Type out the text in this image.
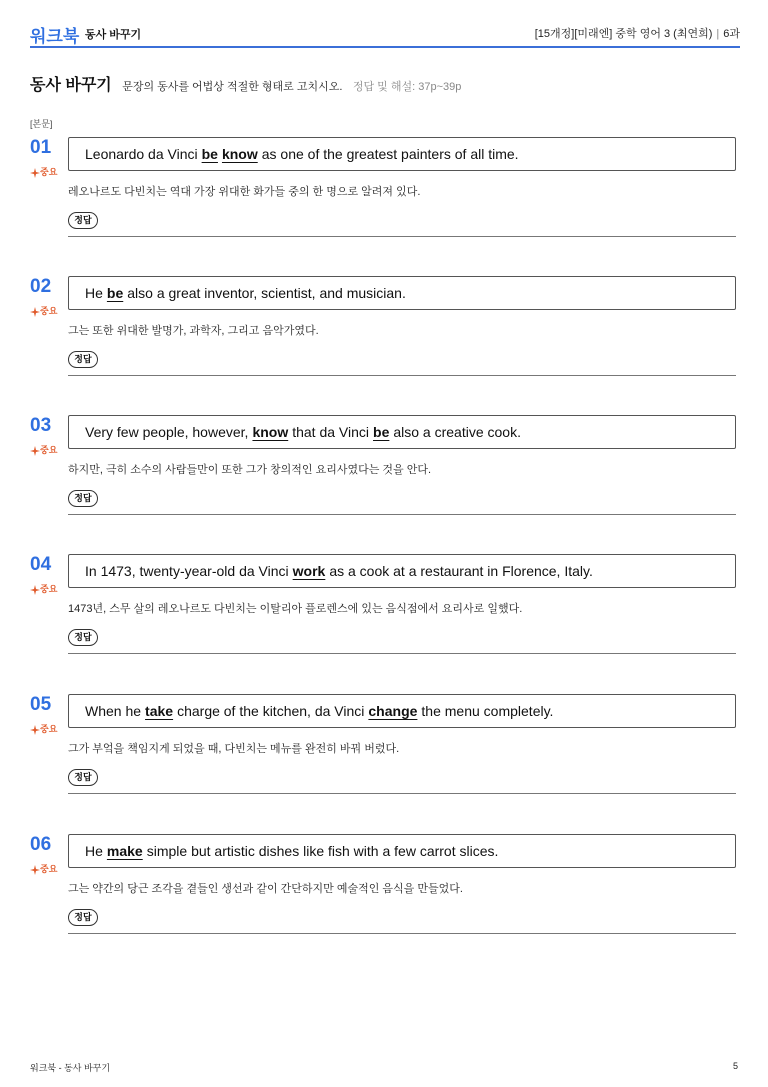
워크북 동사 바꾸기	[15개정][미래엔] 중학 영어 3 (최연희) | 6과
동사 바꾸기 문장의 동사를 어법상 적절한 형태로 고치시오. 정답 및 해설: 37p~39p
[본문]
01
중요
Leonardo da Vinci be know as one of the greatest painters of all time.
레오나르도 다빈치는 역대 가장 위대한 화가들 중의 한 명으로 알려져 있다.
정답
02
중요
He be also a great inventor, scientist, and musician.
그는 또한 위대한 발명가, 과학자, 그리고 음악가였다.
정답
03
중요
Very few people, however, know that da Vinci be also a creative cook.
하지만, 극히 소수의 사람들만이 또한 그가 창의적인 요리사였다는 것을 안다.
정답
04
중요
In 1473, twenty-year-old da Vinci work as a cook at a restaurant in Florence, Italy.
1473년, 스무 살의 레오나르도 다빈치는 이탈리아 플로렌스에 있는 음식점에서 요리사로 일했다.
정답
05
중요
When he take charge of the kitchen, da Vinci change the menu completely.
그가 부엌을 책임지게 되었을 때, 다빈치는 메뉴를 완전히 바꿔 버렸다.
정답
06
중요
He make simple but artistic dishes like fish with a few carrot slices.
그는 약간의 당근 조각을 곁들인 생선과 같이 간단하지만 예술적인 음식을 만들었다.
정답
워크북 - 동사 바꾸기	5
